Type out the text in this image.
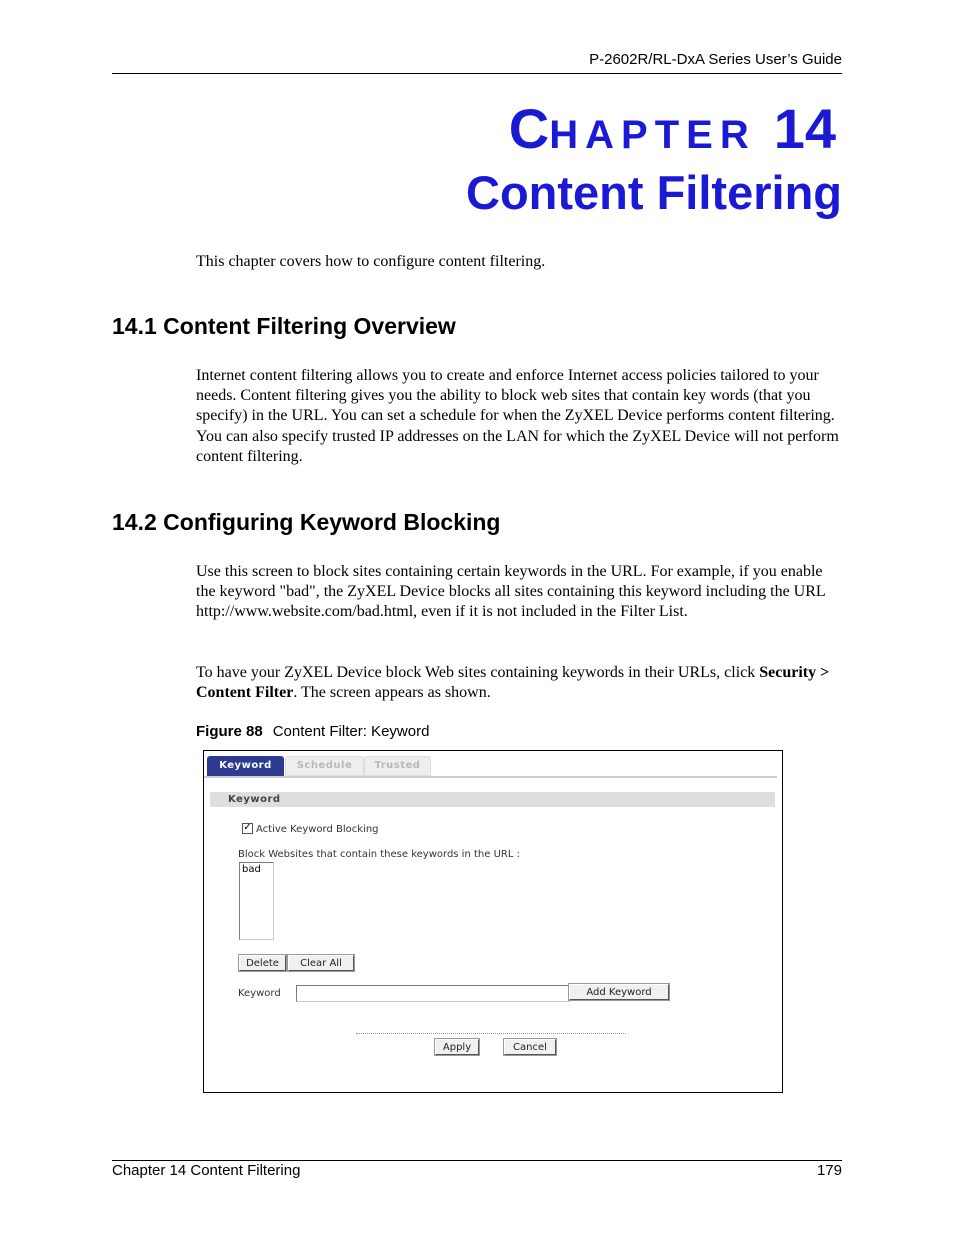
P-2602R/RL-DxA Series User’s Guide
CHAPTER 14
Content Filtering
This chapter covers how to configure content filtering.
14.1 Content Filtering Overview
Internet content filtering allows you to create and enforce Internet access policies tailored to your needs. Content filtering gives you the ability to block web sites that contain key words (that you specify) in the URL. You can set a schedule for when the ZyXEL Device performs content filtering. You can also specify trusted IP addresses on the LAN for which the ZyXEL Device will not perform content filtering.
14.2 Configuring Keyword Blocking
Use this screen to block sites containing certain keywords in the URL. For example, if you enable the keyword "bad", the ZyXEL Device blocks all sites containing this keyword including the URL http://www.website.com/bad.html, even if it is not included in the Filter List.
To have your ZyXEL Device block Web sites containing keywords in their URLs, click Security > Content Filter. The screen appears as shown.
Figure 88 Content Filter: Keyword
Keyword	Schedule	Trusted
Keyword
✓ Active Keyword Blocking
Block Websites that contain these keywords in the URL :
bad
Delete	Clear All
Keyword	Add Keyword
Apply	Cancel
Chapter 14 Content Filtering	179
